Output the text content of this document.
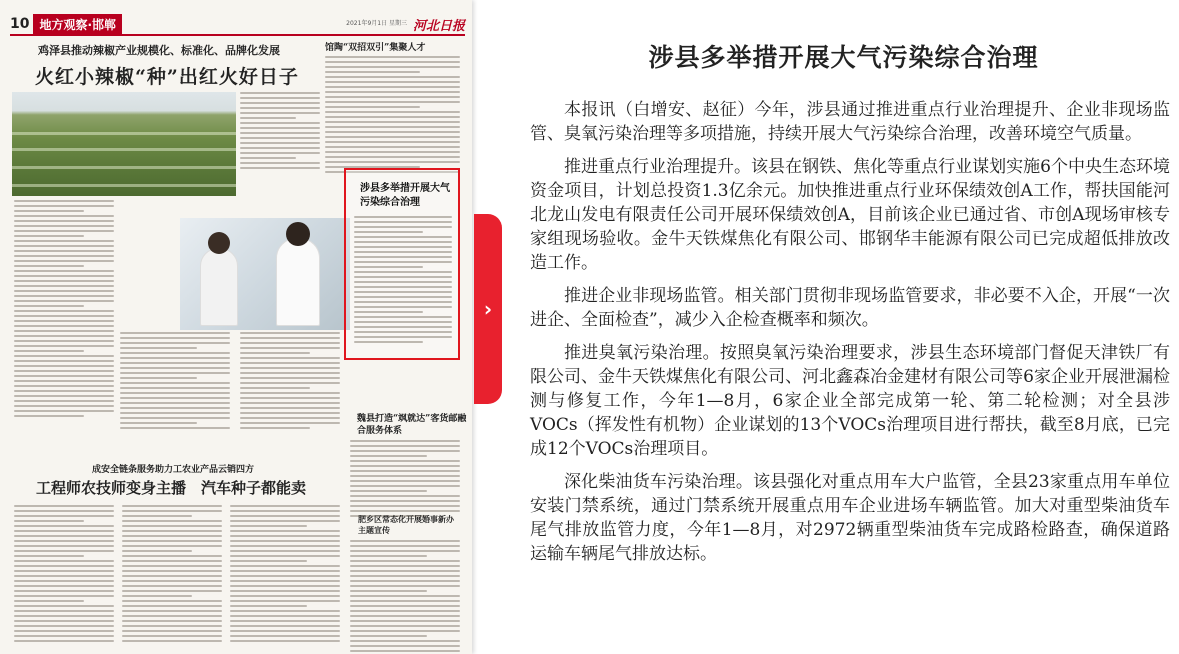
10 地方观察·邯郸	2021年9月1日 星期三 河北日报
鸡泽县推动辣椒产业规模化、标准化、品牌化发展
火红小辣椒“种”出红火好日子
馆陶“双招双引”集聚人才
涉县多举措开展大气污染综合治理
魏县打造“飒就达”客货邮融合服务体系
成安全链条服务助力工农业产品云销四方
工程师农技师变身主播　汽车种子都能卖
肥乡区常态化开展婚事新办主题宣传
›
涉县多举措开展大气污染综合治理

本报讯（白增安、赵征）今年，涉县通过推进重点行业治理提升、企业非现场监管、臭氧污染治理等多项措施，持续开展大气污染综合治理，改善环境空气质量。

推进重点行业治理提升。该县在钢铁、焦化等重点行业谋划实施6个中央生态环境资金项目，计划总投资1.3亿余元。加快推进重点行业环保绩效创A工作，帮扶国能河北龙山发电有限责任公司开展环保绩效创A，目前该企业已通过省、市创A现场审核专家组现场验收。金牛天铁煤焦化有限公司、邯钢华丰能源有限公司已完成超低排放改造工作。

推进企业非现场监管。相关部门贯彻非现场监管要求，非必要不入企，开展“一次进企、全面检查”，减少入企检查概率和频次。

推进臭氧污染治理。按照臭氧污染治理要求，涉县生态环境部门督促天津铁厂有限公司、金牛天铁煤焦化有限公司、河北鑫森冶金建材有限公司等6家企业开展泄漏检测与修复工作，今年1—8月，6家企业全部完成第一轮、第二轮检测；对全县涉VOCs（挥发性有机物）企业谋划的13个VOCs治理项目进行帮扶，截至8月底，已完成12个VOCs治理项目。

深化柴油货车污染治理。该县强化对重点用车大户监管，全县23家重点用车单位安装门禁系统，通过门禁系统开展重点用车企业进场车辆监管。加大对重型柴油货车尾气排放监管力度，今年1—8月，对2972辆重型柴油货车完成路检路查，确保道路运输车辆尾气排放达标。
